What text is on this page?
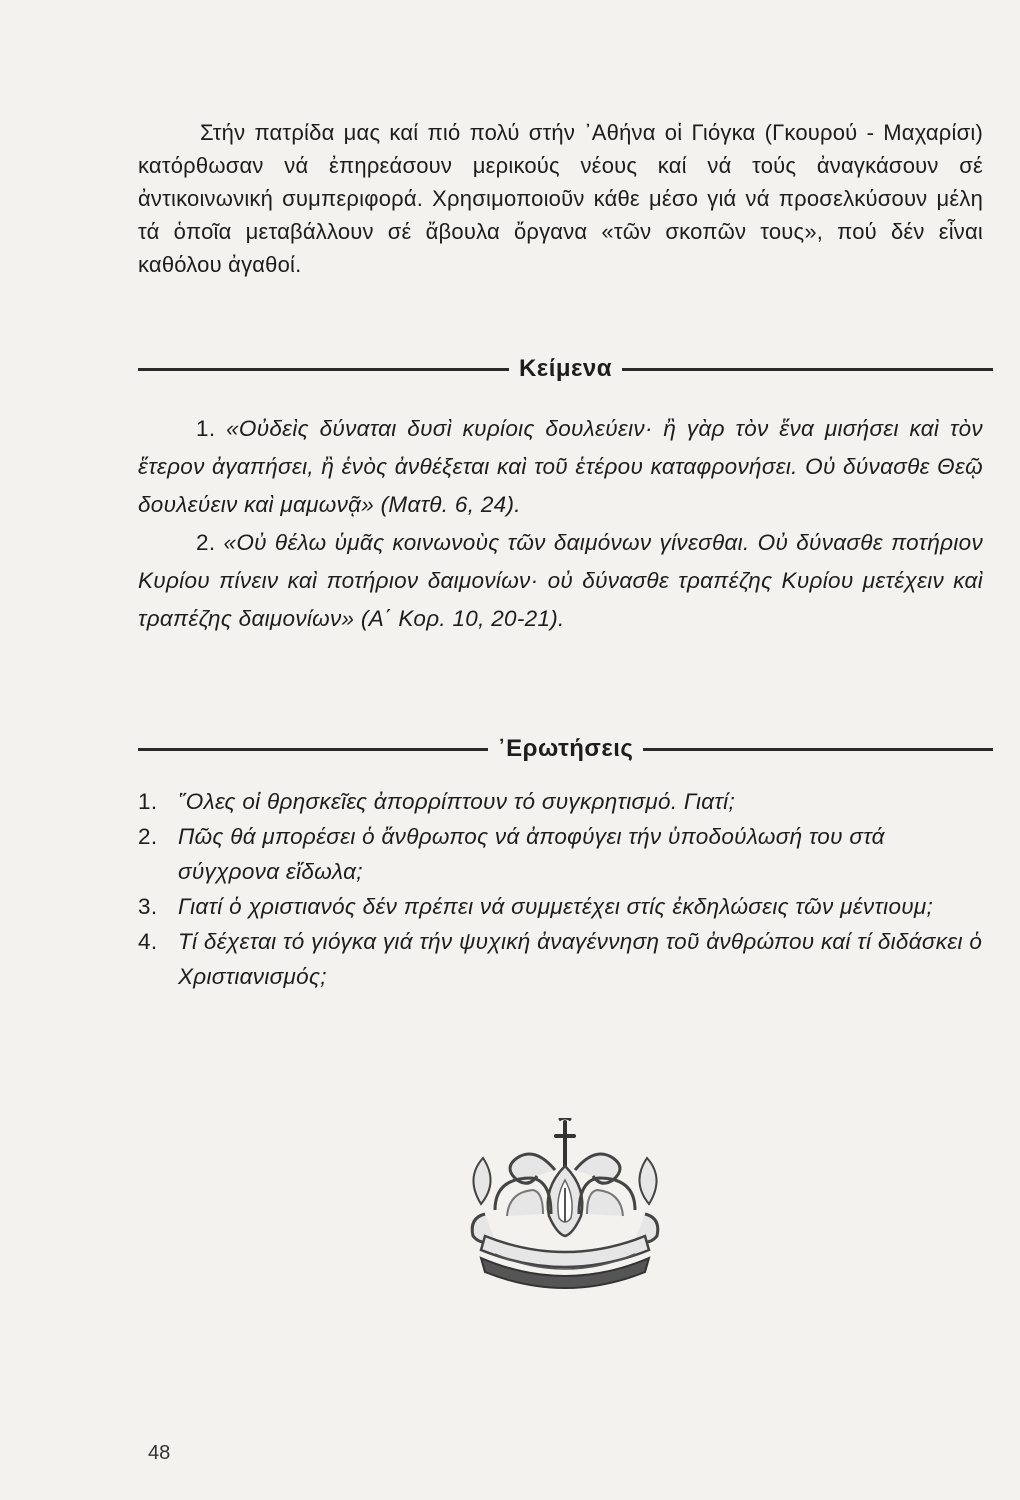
Στήν πατρίδα μας καί πιό πολύ στήν ᾽Αθήνα οἱ Γιόγκα (Γκουρού - Μαχαρίσι) κατόρθωσαν νά ἐπηρεάσουν μερικούς νέους καί νά τούς ἀναγκάσουν σέ ἀντικοινωνική συμπεριφορά. Χρησιμοποιοῦν κάθε μέσο γιά νά προσελκύσουν μέλη τά ὁποῖα μεταβάλλουν σέ ἄβουλα ὄργανα «τῶν σκοπῶν τους», πού δέν εἶναι καθόλου ἀγαθοί.

Κείμενα

1. «Οὐδεὶς δύναται δυσὶ κυρίοις δουλεύειν· ἢ γὰρ τὸν ἕνα μισήσει καὶ τὸν ἕτερον ἀγαπήσει, ἢ ἑνὸς ἀνθέξεται καὶ τοῦ ἑτέρου καταφρονήσει. Οὐ δύνασθε Θεῷ δουλεύειν καὶ μαμωνᾷ» (Ματθ. 6, 24).

2. «Οὐ θέλω ὑμᾶς κοινωνοὺς τῶν δαιμόνων γίνεσθαι. Οὐ δύνασθε ποτήριον Κυρίου πίνειν καὶ ποτήριον δαιμονίων· οὐ δύνασθε τραπέζης Κυρίου μετέχειν καὶ τραπέζης δαιμονίων» (Α΄ Κορ. 10, 20-21).

᾽Ερωτήσεις
1. ῞Ολες οἱ θρησκεῖες ἀπορρίπτουν τό συγκρητισμό. Γιατί;
2. Πῶς θά μπορέσει ὁ ἄνθρωπος νά ἀποφύγει τήν ὑποδούλωσή του στά σύγχρονα εἴδωλα;
3. Γιατί ὁ χριστιανός δέν πρέπει νά συμμετέχει στίς ἐκδηλώσεις τῶν μέντιουμ;
4. Τί δέχεται τό γιόγκα γιά τήν ψυχική ἀναγέννηση τοῦ ἀνθρώπου καί τί διδάσκει ὁ Χριστιανισμός;
48
